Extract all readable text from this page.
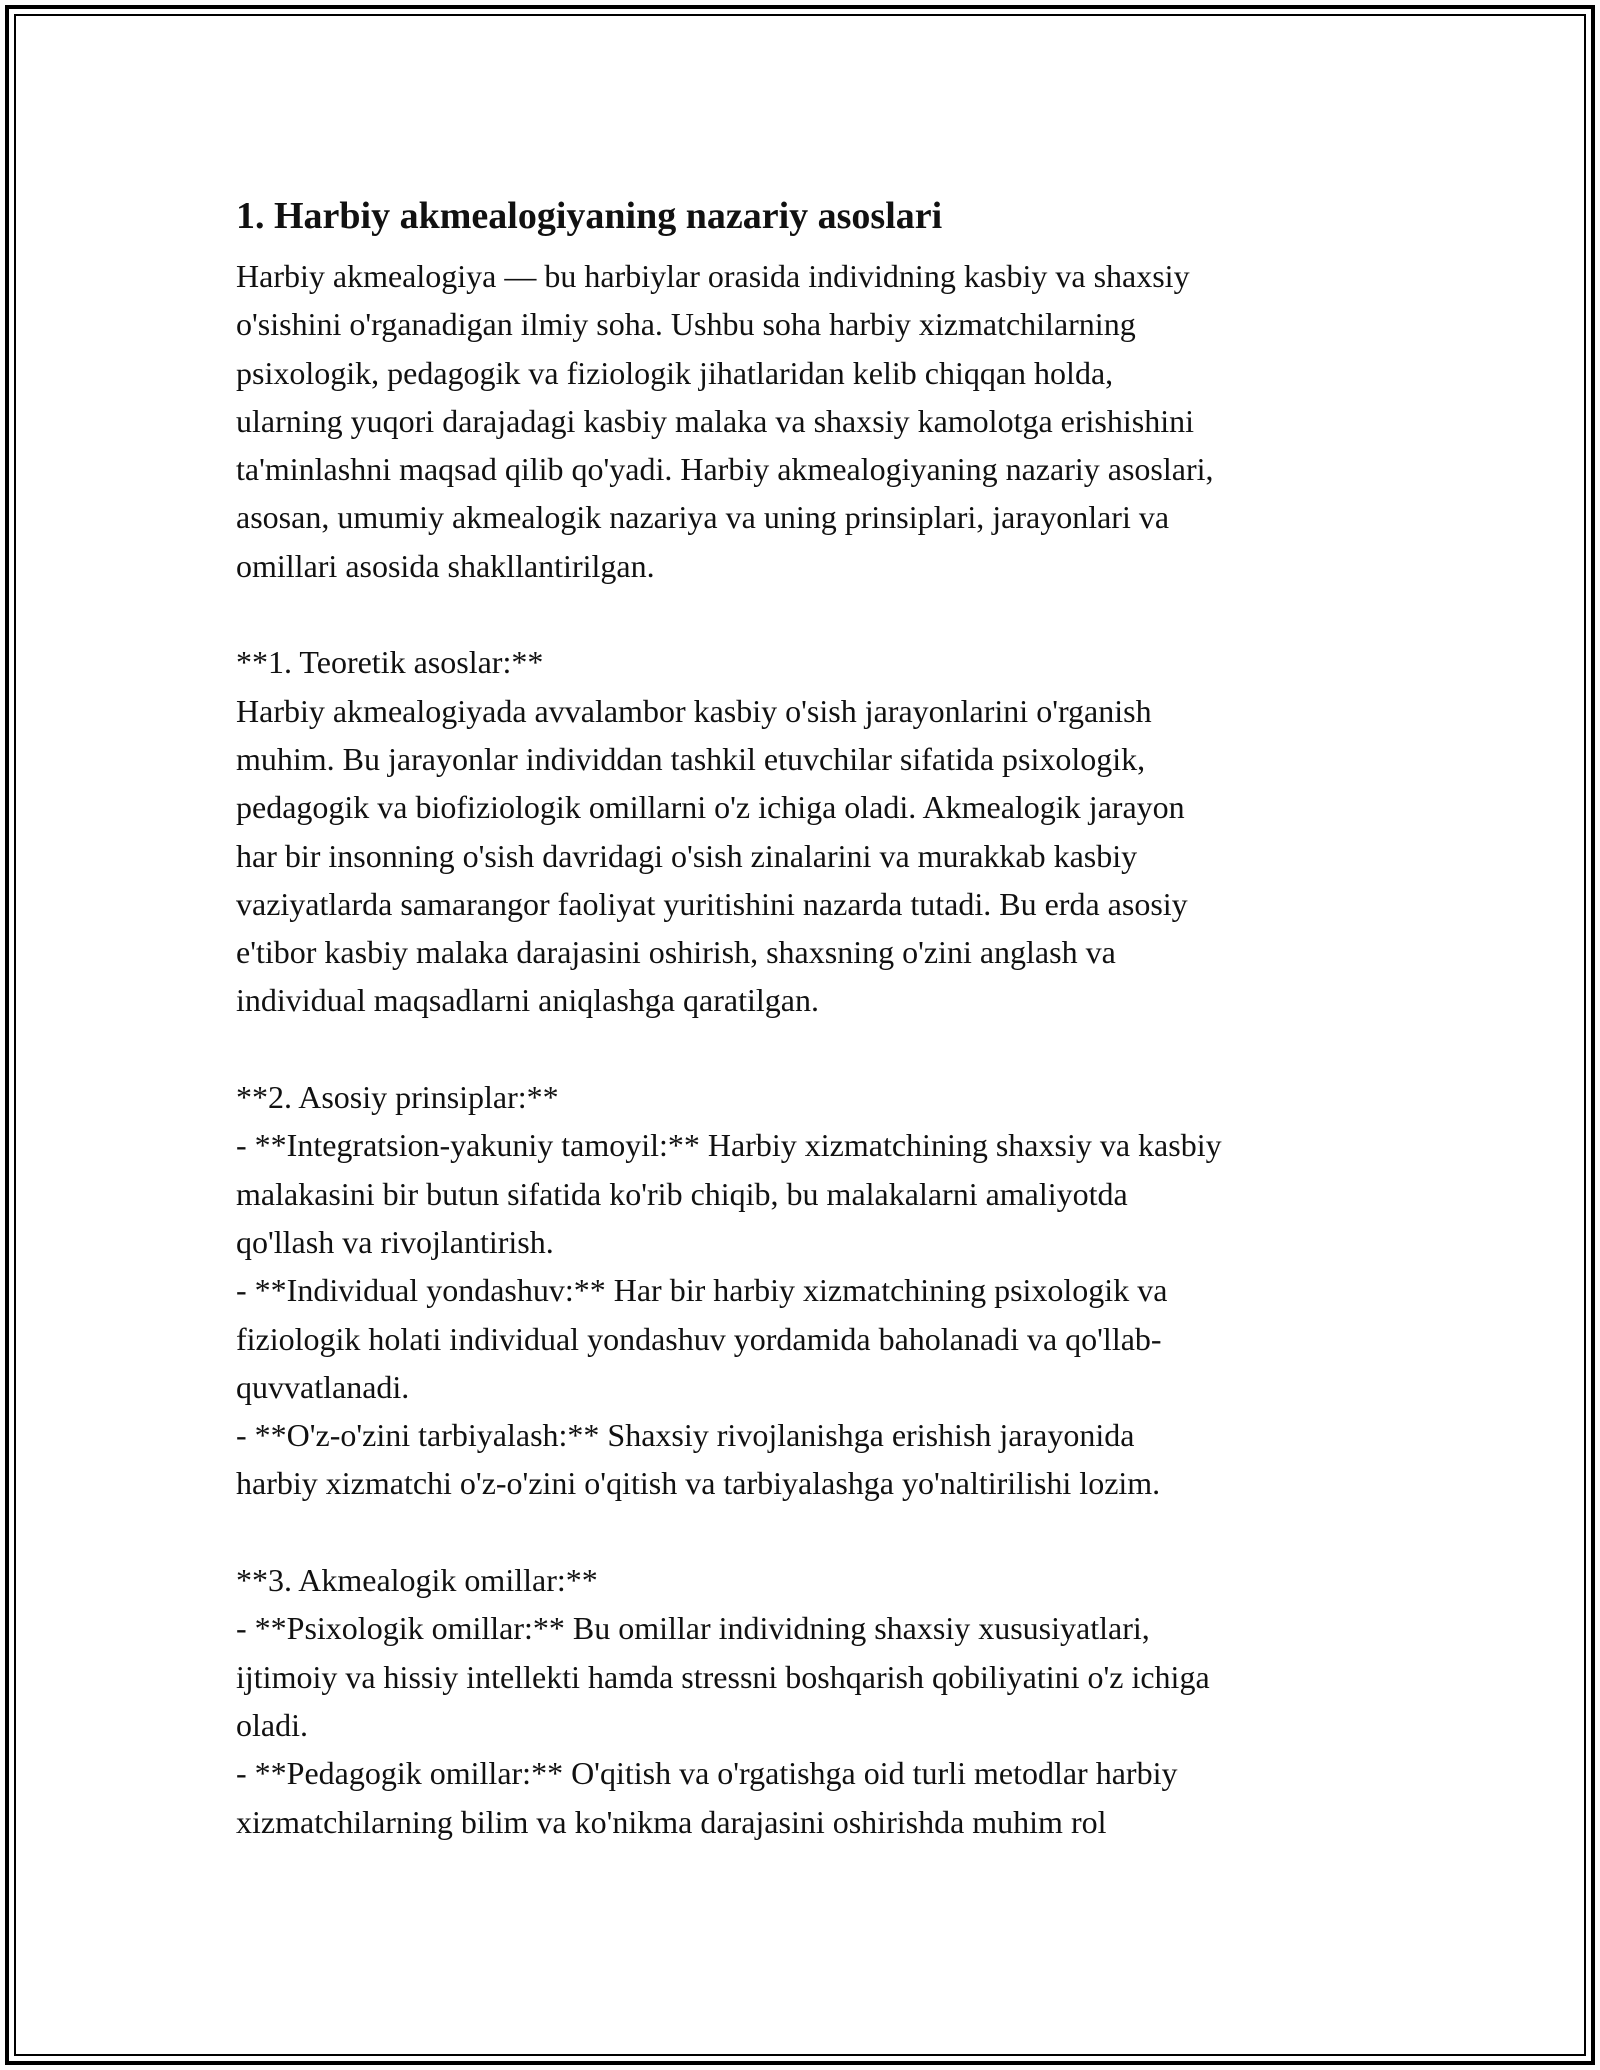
1. Harbiy akmealogiyaning nazariy asoslari

Harbiy akmealogiya — bu harbiylar orasida individning kasbiy va shaxsiy

o'sishini o'rganadigan ilmiy soha. Ushbu soha harbiy xizmatchilarning

psixologik, pedagogik va fiziologik jihatlaridan kelib chiqqan holda,

ularning yuqori darajadagi kasbiy malaka va shaxsiy kamolotga erishishini

ta'minlashni maqsad qilib qo'yadi. Harbiy akmealogiyaning nazariy asoslari,

asosan, umumiy akmealogik nazariya va uning prinsiplari, jarayonlari va

omillari asosida shakllantirilgan.

**1. Teoretik asoslar:**

Harbiy akmealogiyada avvalambor kasbiy o'sish jarayonlarini o'rganish

muhim. Bu jarayonlar individdan tashkil etuvchilar sifatida psixologik,

pedagogik va biofiziologik omillarni o'z ichiga oladi. Akmealogik jarayon

har bir insonning o'sish davridagi o'sish zinalarini va murakkab kasbiy

vaziyatlarda samarangor faoliyat yuritishini nazarda tutadi. Bu erda asosiy

e'tibor kasbiy malaka darajasini oshirish, shaxsning o'zini anglash va

individual maqsadlarni aniqlashga qaratilgan.

**2. Asosiy prinsiplar:**

- **Integratsion-yakuniy tamoyil:** Harbiy xizmatchining shaxsiy va kasbiy

malakasini bir butun sifatida ko'rib chiqib, bu malakalarni amaliyotda

qo'llash va rivojlantirish.

- **Individual yondashuv:** Har bir harbiy xizmatchining psixologik va

fiziologik holati individual yondashuv yordamida baholanadi va qo'llab-

quvvatlanadi.

- **O'z-o'zini tarbiyalash:** Shaxsiy rivojlanishga erishish jarayonida

harbiy xizmatchi o'z-o'zini o'qitish va tarbiyalashga yo'naltirilishi lozim.

**3. Akmealogik omillar:**

- **Psixologik omillar:** Bu omillar individning shaxsiy xususiyatlari,

ijtimoiy va hissiy intellekti hamda stressni boshqarish qobiliyatini o'z ichiga

oladi.

- **Pedagogik omillar:** O'qitish va o'rgatishga oid turli metodlar harbiy

xizmatchilarning bilim va ko'nikma darajasini oshirishda muhim rol
